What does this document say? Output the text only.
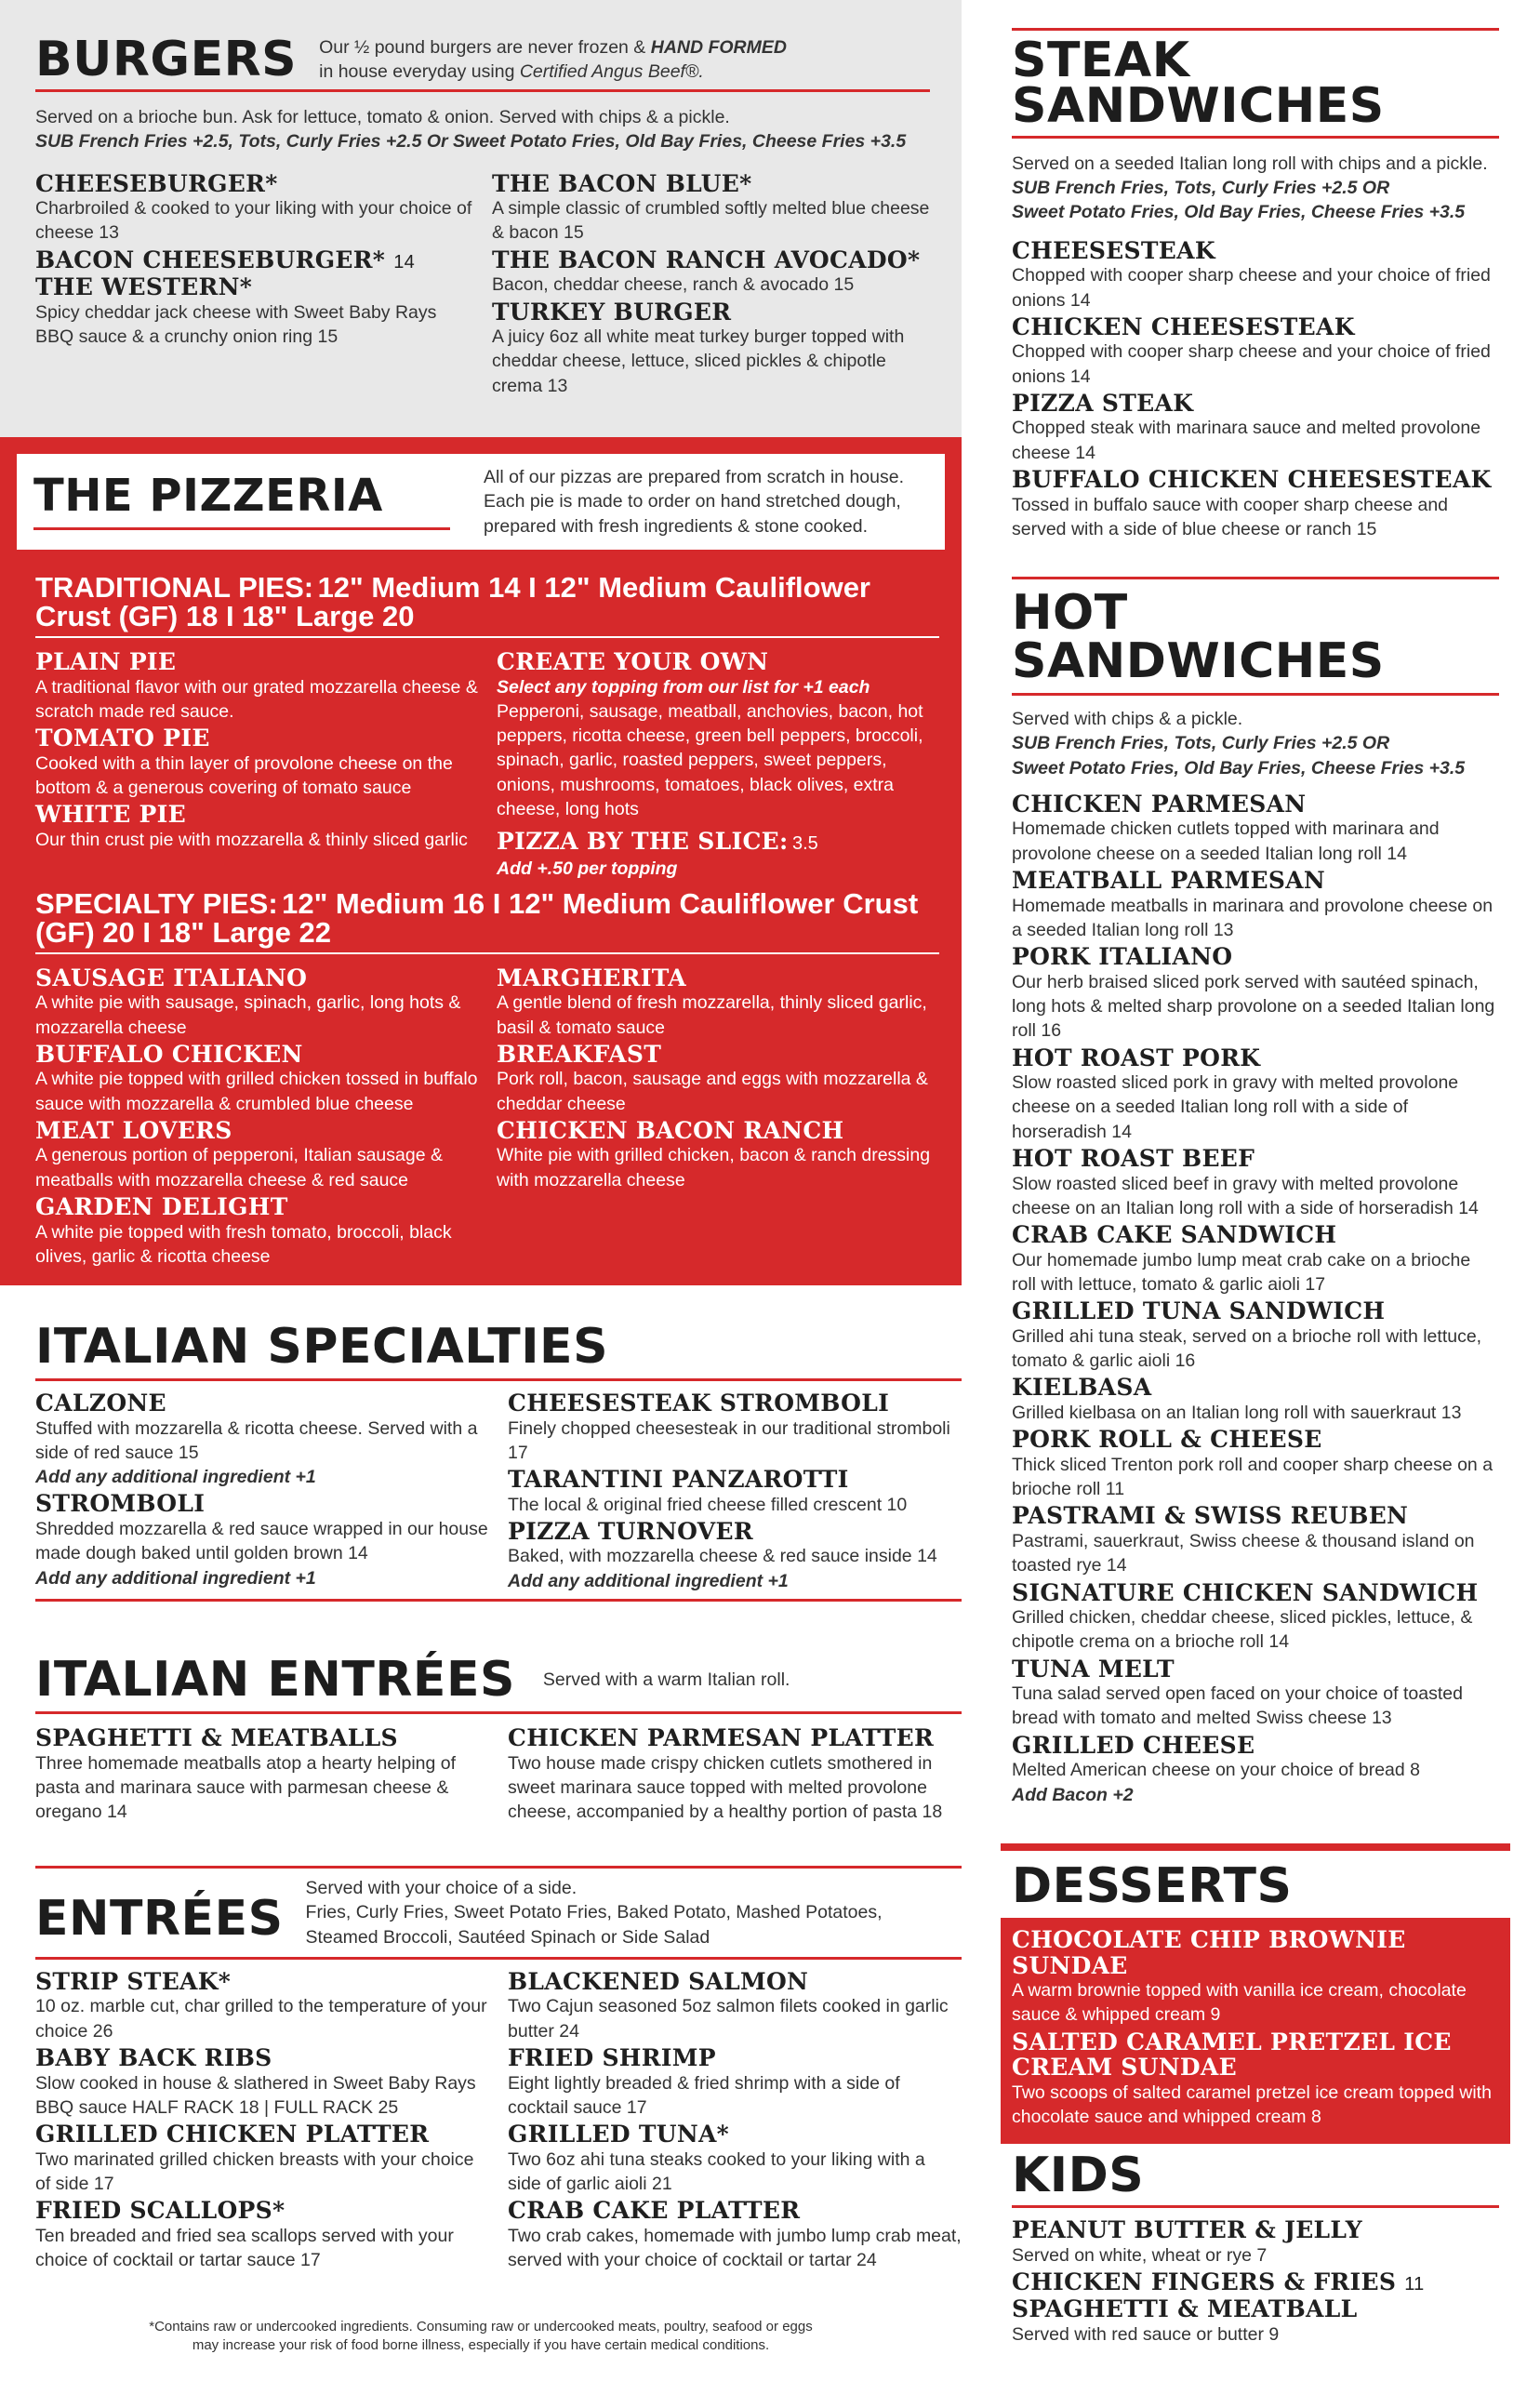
BURGERS Our ½ pound burgers are never frozen & HAND FORMED
in house everyday using Certified Angus Beef®.
Served on a brioche bun. Ask for lettuce, tomato & onion. Served with chips & a pickle.
SUB French Fries +2.5, Tots, Curly Fries +2.5 Or Sweet Potato Fries, Old Bay Fries, Cheese Fries +3.5
CHEESEBURGER*
Charbroiled & cooked to your liking with your choice of cheese 13
BACON CHEESEBURGER* 14
THE WESTERN*
Spicy cheddar jack cheese with Sweet Baby Rays BBQ sauce & a crunchy onion ring 15
THE BACON BLUE*
A simple classic of crumbled softly melted blue cheese & bacon 15
THE BACON RANCH AVOCADO*
Bacon, cheddar cheese, ranch & avocado 15
TURKEY BURGER
A juicy 6oz all white meat turkey burger topped with cheddar cheese, lettuce, sliced pickles & chipotle crema 13
THE PIZZERIA	All of our pizzas are prepared from scratch in house. Each pie is made to order on hand stretched dough, prepared with fresh ingredients & stone cooked.
TRADITIONAL PIES: 12" Medium 14 I 12" Medium Cauliflower Crust (GF) 18 I 18" Large 20
PLAIN PIE
A traditional flavor with our grated mozzarella cheese & scratch made red sauce.
TOMATO PIE
Cooked with a thin layer of provolone cheese on the bottom & a generous covering of tomato sauce
WHITE PIE
Our thin crust pie with mozzarella & thinly sliced garlic
CREATE YOUR OWN
Select any topping from our list for +1 each
Pepperoni, sausage, meatball, anchovies, bacon, hot peppers, ricotta cheese, green bell peppers, broccoli, spinach, garlic, roasted peppers, sweet peppers, onions, mushrooms, tomatoes, black olives, extra cheese, long hots
PIZZA BY THE SLICE: 3.5
Add +.50 per topping
SPECIALTY PIES: 12" Medium 16 I 12" Medium Cauliflower Crust (GF) 20 I 18" Large 22
SAUSAGE ITALIANO
A white pie with sausage, spinach, garlic, long hots & mozzarella cheese
BUFFALO CHICKEN
A white pie topped with grilled chicken tossed in buffalo sauce with mozzarella & crumbled blue cheese
MEAT LOVERS
A generous portion of pepperoni, Italian sausage & meatballs with mozzarella cheese & red sauce
GARDEN DELIGHT
A white pie topped with fresh tomato, broccoli, black olives, garlic & ricotta cheese
MARGHERITA
A gentle blend of fresh mozzarella, thinly sliced garlic, basil & tomato sauce
BREAKFAST
Pork roll, bacon, sausage and eggs with mozzarella & cheddar cheese
CHICKEN BACON RANCH
White pie with grilled chicken, bacon & ranch dressing with mozzarella cheese
ITALIAN SPECIALTIES
CALZONE
Stuffed with mozzarella & ricotta cheese. Served with a side of red sauce 15
Add any additional ingredient +1
STROMBOLI
Shredded mozzarella & red sauce wrapped in our house made dough baked until golden brown 14
Add any additional ingredient +1
CHEESESTEAK STROMBOLI
Finely chopped cheesesteak in our traditional stromboli 17
TARANTINI PANZAROTTI
The local & original fried cheese filled crescent 10
PIZZA TURNOVER
Baked, with mozzarella cheese & red sauce inside 14
Add any additional ingredient +1
ITALIAN ENTRÉES Served with a warm Italian roll.
SPAGHETTI & MEATBALLS
Three homemade meatballs atop a hearty helping of pasta and marinara sauce with parmesan cheese & oregano 14
CHICKEN PARMESAN PLATTER
Two house made crispy chicken cutlets smothered in sweet marinara sauce topped with melted provolone cheese, accompanied by a healthy portion of pasta 18
ENTRÉES
Served with your choice of a side.
Fries, Curly Fries, Sweet Potato Fries, Baked Potato, Mashed Potatoes, Steamed Broccoli, Sautéed Spinach or Side Salad
STRIP STEAK*
10 oz. marble cut, char grilled to the temperature of your choice 26
BABY BACK RIBS
Slow cooked in house & slathered in Sweet Baby Rays BBQ sauce HALF RACK 18 | FULL RACK 25
GRILLED CHICKEN PLATTER
Two marinated grilled chicken breasts with your choice of side 17
FRIED SCALLOPS*
Ten breaded and fried sea scallops served with your choice of cocktail or tartar sauce 17
BLACKENED SALMON
Two Cajun seasoned 5oz salmon filets cooked in garlic butter 24
FRIED SHRIMP
Eight lightly breaded & fried shrimp with a side of cocktail sauce 17
GRILLED TUNA*
Two 6oz ahi tuna steaks cooked to your liking with a side of garlic aioli 21
CRAB CAKE PLATTER
Two crab cakes, homemade with jumbo lump crab meat, served with your choice of cocktail or tartar 24
*Contains raw or undercooked ingredients. Consuming raw or undercooked meats, poultry, seafood or eggs
may increase your risk of food borne illness, especially if you have certain medical conditions.
STEAK
SANDWICHES
Served on a seeded Italian long roll with chips and a pickle.
SUB French Fries, Tots, Curly Fries +2.5 OR
Sweet Potato Fries, Old Bay Fries, Cheese Fries +3.5
CHEESESTEAK
Chopped with cooper sharp cheese and your choice of fried onions 14
CHICKEN CHEESESTEAK
Chopped with cooper sharp cheese and your choice of fried onions 14
PIZZA STEAK
Chopped steak with marinara sauce and melted provolone cheese 14
BUFFALO CHICKEN CHEESESTEAK
Tossed in buffalo sauce with cooper sharp cheese and served with a side of blue cheese or ranch 15
HOT SANDWICHES
Served with chips & a pickle.
SUB French Fries, Tots, Curly Fries +2.5 OR
Sweet Potato Fries, Old Bay Fries, Cheese Fries +3.5
CHICKEN PARMESAN
Homemade chicken cutlets topped with marinara and provolone cheese on a seeded Italian long roll 14
MEATBALL PARMESAN
Homemade meatballs in marinara and provolone cheese on a seeded Italian long roll 13
PORK ITALIANO
Our herb braised sliced pork served with sautéed spinach, long hots & melted sharp provolone on a seeded Italian long roll 16
HOT ROAST PORK
Slow roasted sliced pork in gravy with melted provolone cheese on a seeded Italian long roll with a side of horseradish 14
HOT ROAST BEEF
Slow roasted sliced beef in gravy with melted provolone cheese on an Italian long roll with a side of horseradish 14
CRAB CAKE SANDWICH
Our homemade jumbo lump meat crab cake on a brioche roll with lettuce, tomato & garlic aioli 17
GRILLED TUNA SANDWICH
Grilled ahi tuna steak, served on a brioche roll with lettuce, tomato & garlic aioli 16
KIELBASA
Grilled kielbasa on an Italian long roll with sauerkraut 13
PORK ROLL & CHEESE
Thick sliced Trenton pork roll and cooper sharp cheese on a brioche roll 11
PASTRAMI & SWISS REUBEN
Pastrami, sauerkraut, Swiss cheese & thousand island on toasted rye 14
SIGNATURE CHICKEN SANDWICH
Grilled chicken, cheddar cheese, sliced pickles, lettuce, & chipotle crema on a brioche roll 14
TUNA MELT
Tuna salad served open faced on your choice of toasted bread with tomato and melted Swiss cheese 13
GRILLED CHEESE
Melted American cheese on your choice of bread 8
Add Bacon +2
DESSERTS
CHOCOLATE CHIP BROWNIE SUNDAE
A warm brownie topped with vanilla ice cream, chocolate sauce & whipped cream 9
SALTED CARAMEL PRETZEL ICE CREAM SUNDAE
Two scoops of salted caramel pretzel ice cream topped with chocolate sauce and whipped cream 8
KIDS
PEANUT BUTTER & JELLY
Served on white, wheat or rye 7
CHICKEN FINGERS & FRIES 11
SPAGHETTI & MEATBALL
Served with red sauce or butter 9
